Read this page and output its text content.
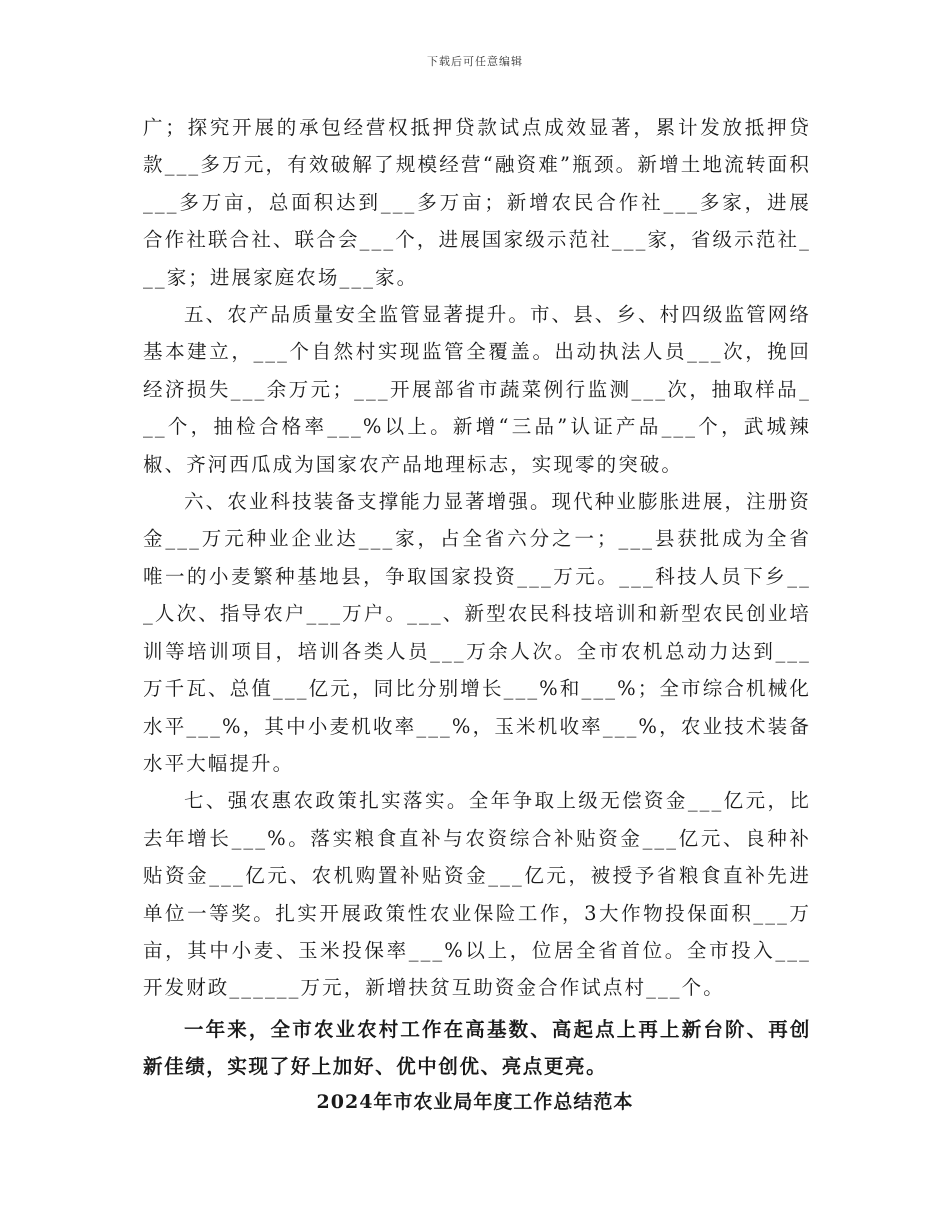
下载后可任意编辑

广；探究开展的承包经营权抵押贷款试点成效显著，累计发放抵押贷款___多万元，有效破解了规模经营“融资难”瓶颈。新增土地流转面积___多万亩，总面积达到___多万亩；新增农民合作社___多家，进展合作社联合社、联合会___个，进展国家级示范社___家，省级示范社___家；进展家庭农场___家。

五、农产品质量安全监管显著提升。市、县、乡、村四级监管网络基本建立，___个自然村实现监管全覆盖。出动执法人员___次，挽回经济损失___余万元；___开展部省市蔬菜例行监测___次，抽取样品___个，抽检合格率___%以上。新增“三品”认证产品___个，武城辣椒、齐河西瓜成为国家农产品地理标志，实现零的突破。

六、农业科技装备支撑能力显著增强。现代种业膨胀进展，注册资金___万元种业企业达___家，占全省六分之一；___县获批成为全省唯一的小麦繁种基地县，争取国家投资___万元。___科技人员下乡___人次、指导农户___万户。___、新型农民科技培训和新型农民创业培训等培训项目，培训各类人员___万余人次。全市农机总动力达到___万千瓦、总值___亿元，同比分别增长___%和___%；全市综合机械化水平___%，其中小麦机收率___%，玉米机收率___%，农业技术装备水平大幅提升。

七、强农惠农政策扎实落实。全年争取上级无偿资金___亿元，比去年增长___%。落实粮食直补与农资综合补贴资金___亿元、良种补贴资金___亿元、农机购置补贴资金___亿元，被授予省粮食直补先进单位一等奖。扎实开展政策性农业保险工作，3大作物投保面积___万亩，其中小麦、玉米投保率___%以上，位居全省首位。全市投入___开发财政______万元，新增扶贫互助资金合作试点村___个。

一年来，全市农业农村工作在高基数、高起点上再上新台阶、再创新佳绩，实现了好上加好、优中创优、亮点更亮。

2024年市农业局年度工作总结范本
